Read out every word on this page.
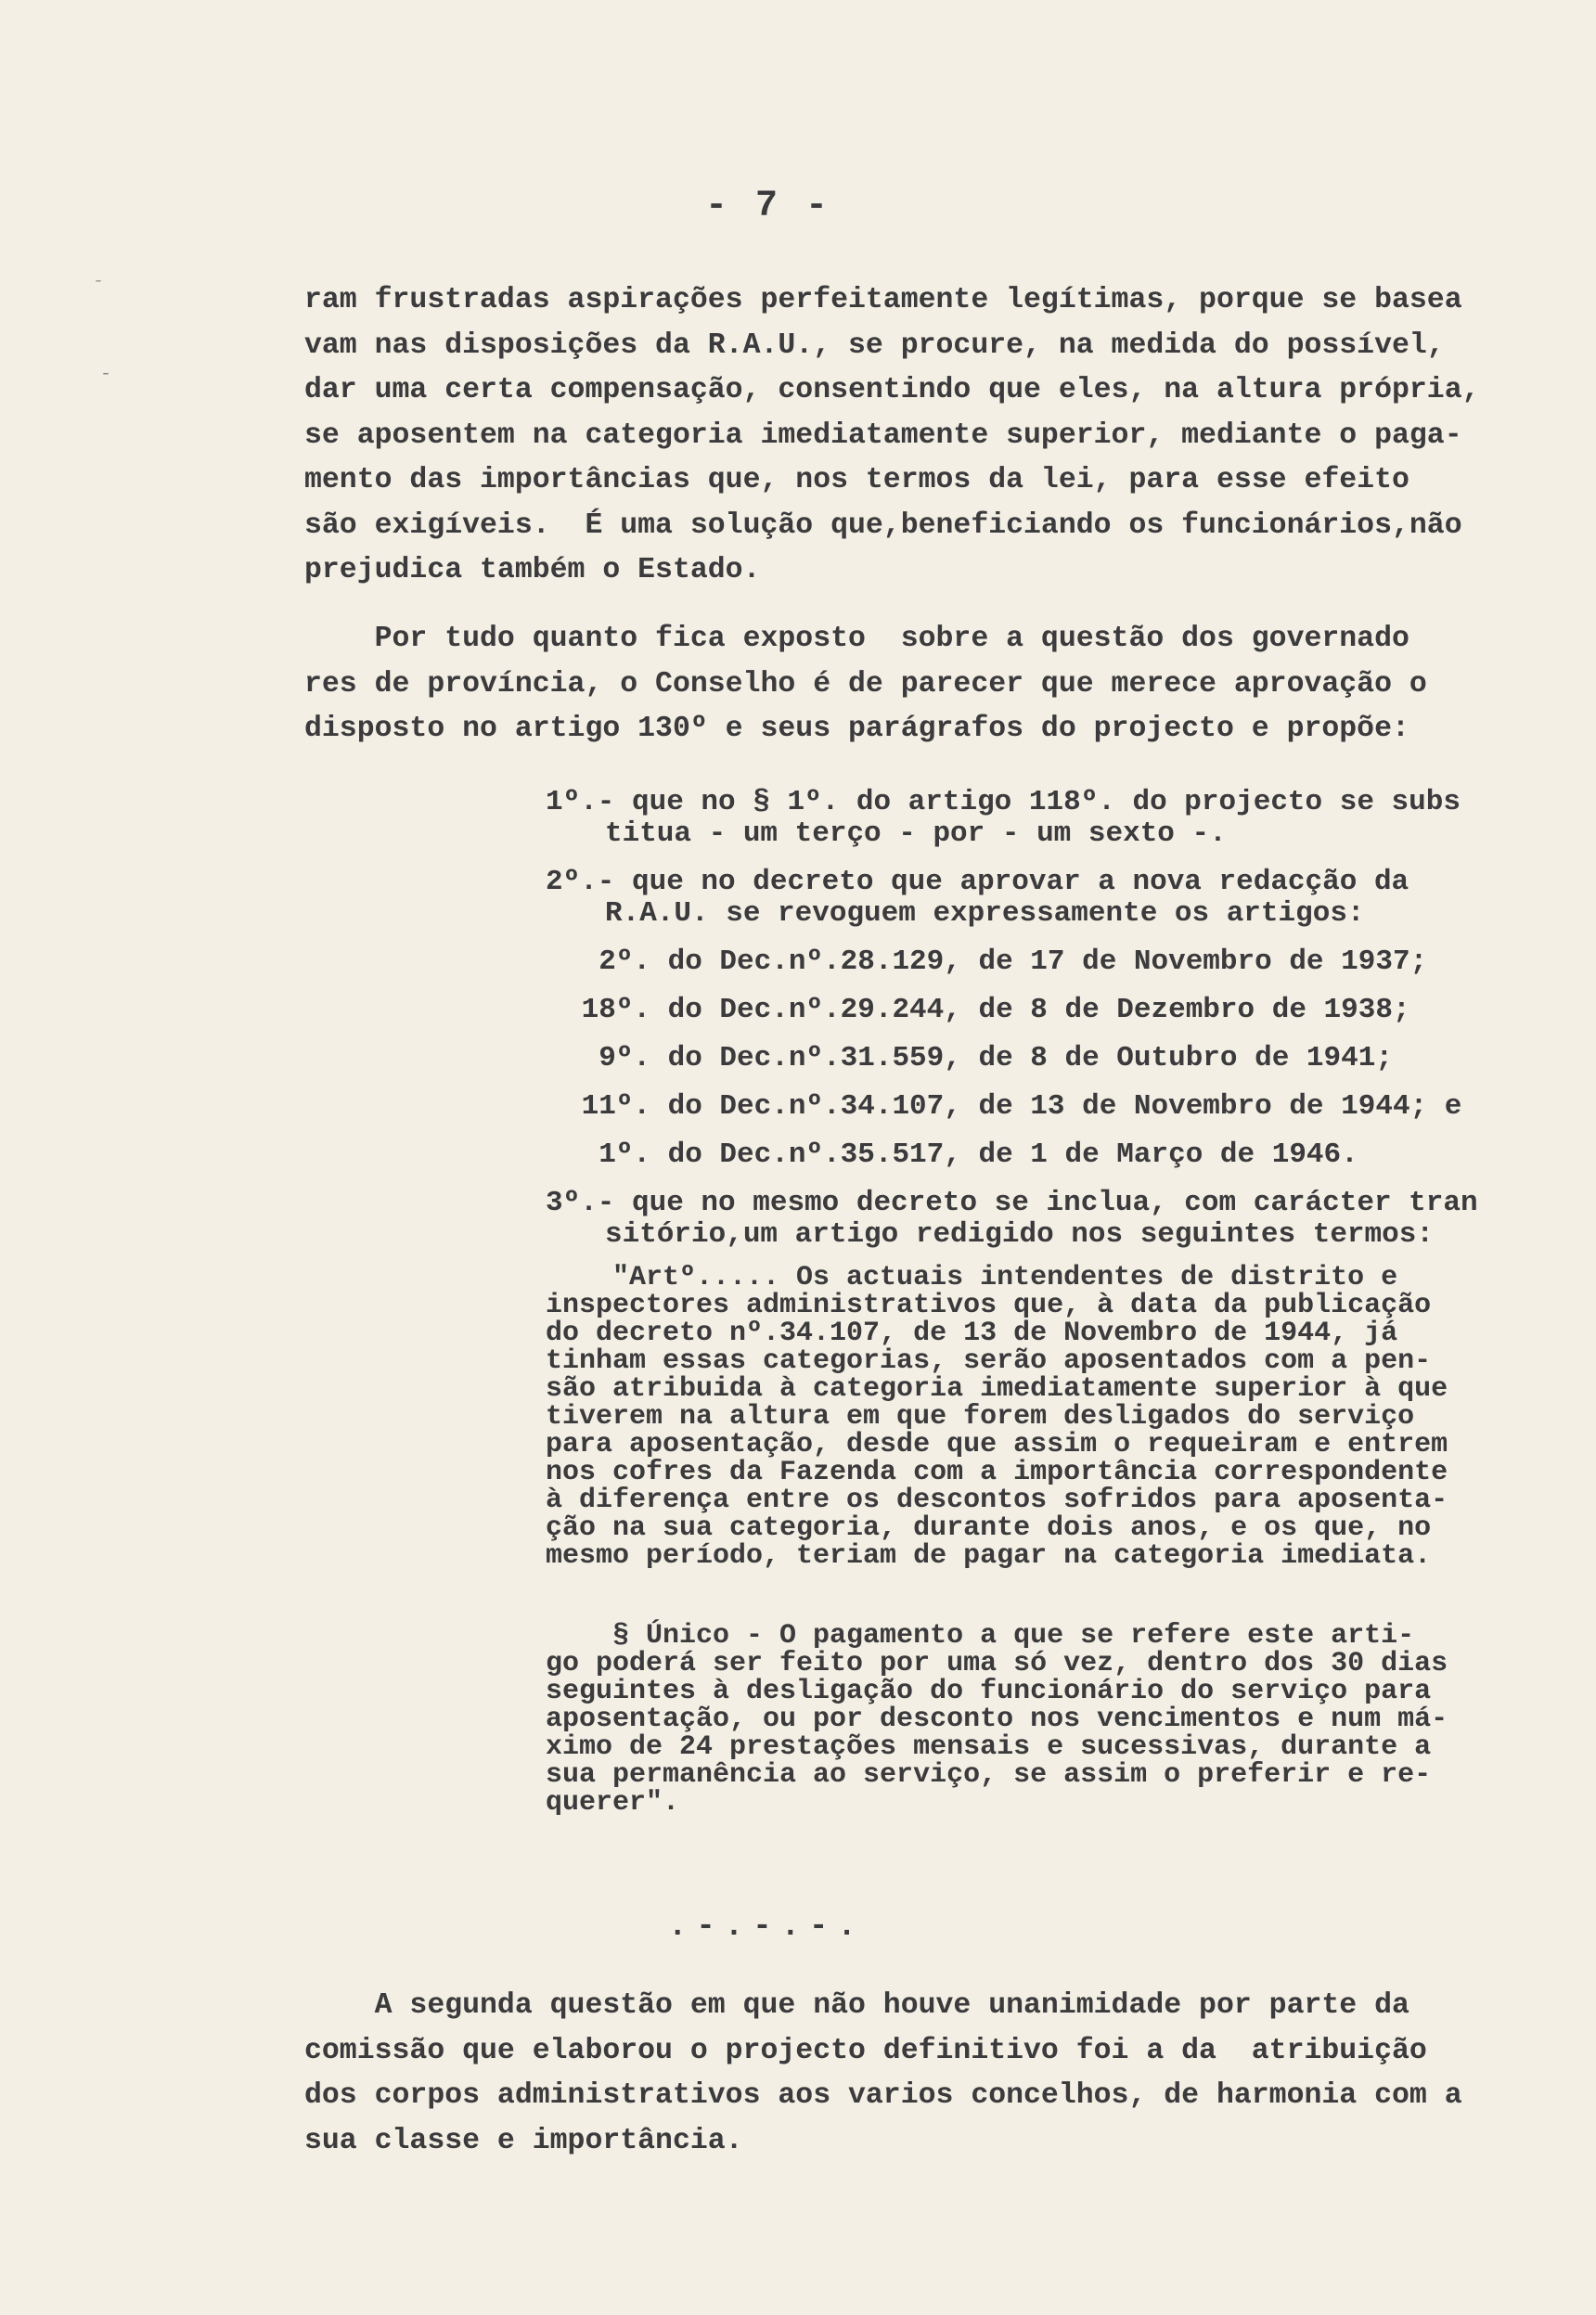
ˉ
-
- 7 -
ram frustradas aspirações perfeitamente legítimas, porque se basea
vam nas disposições da R.A.U., se procure, na medida do possível,
dar uma certa compensação, consentindo que eles, na altura própria,
se aposentem na categoria imediatamente superior, mediante o paga-
mento das importâncias que, nos termos da lei, para esse efeito
são exigíveis.  É uma solução que,beneficiando os funcionários,não
prejudica também o Estado.
Por tudo quanto fica exposto  sobre a questão dos governado
res de província, o Conselho é de parecer que merece aprovação o
disposto no artigo 130º e seus parágrafos do projecto e propõe:
1º.- que no § 1º. do artigo 118º. do projecto se subs
titua - um terço - por - um sexto -.
2º.- que no decreto que aprovar a nova redacção da
R.A.U. se revoguem expressamente os artigos:
2º. do Dec.nº.28.129, de 17 de Novembro de 1937;
18º. do Dec.nº.29.244, de 8 de Dezembro de 1938;
9º. do Dec.nº.31.559, de 8 de Outubro de 1941;
11º. do Dec.nº.34.107, de 13 de Novembro de 1944; e
1º. do Dec.nº.35.517, de 1 de Março de 1946.
3º.- que no mesmo decreto se inclua, com carácter tran
sitório,um artigo redigido nos seguintes termos:
"Artº..... Os actuais intendentes de distrito e
inspectores administrativos que, à data da publicação
do decreto nº.34.107, de 13 de Novembro de 1944, já
tinham essas categorias, serão aposentados com a pen-
são atribuida à categoria imediatamente superior à que
tiverem na altura em que forem desligados do serviço
para aposentação, desde que assim o requeiram e entrem
nos cofres da Fazenda com a importância correspondente
à diferença entre os descontos sofridos para aposenta-
ção na sua categoria, durante dois anos, e os que, no
mesmo período, teriam de pagar na categoria imediata.
§ Único - O pagamento a que se refere este arti-
go poderá ser feito por uma só vez, dentro dos 30 dias
seguintes à desligação do funcionário do serviço para
aposentação, ou por desconto nos vencimentos e num má-
ximo de 24 prestações mensais e sucessivas, durante a
sua permanência ao serviço, se assim o preferir e re-
querer".
.-.-.-.
A segunda questão em que não houve unanimidade por parte da
comissão que elaborou o projecto definitivo foi a da  atribuição
dos corpos administrativos aos varios concelhos, de harmonia com a
sua classe e importância.
